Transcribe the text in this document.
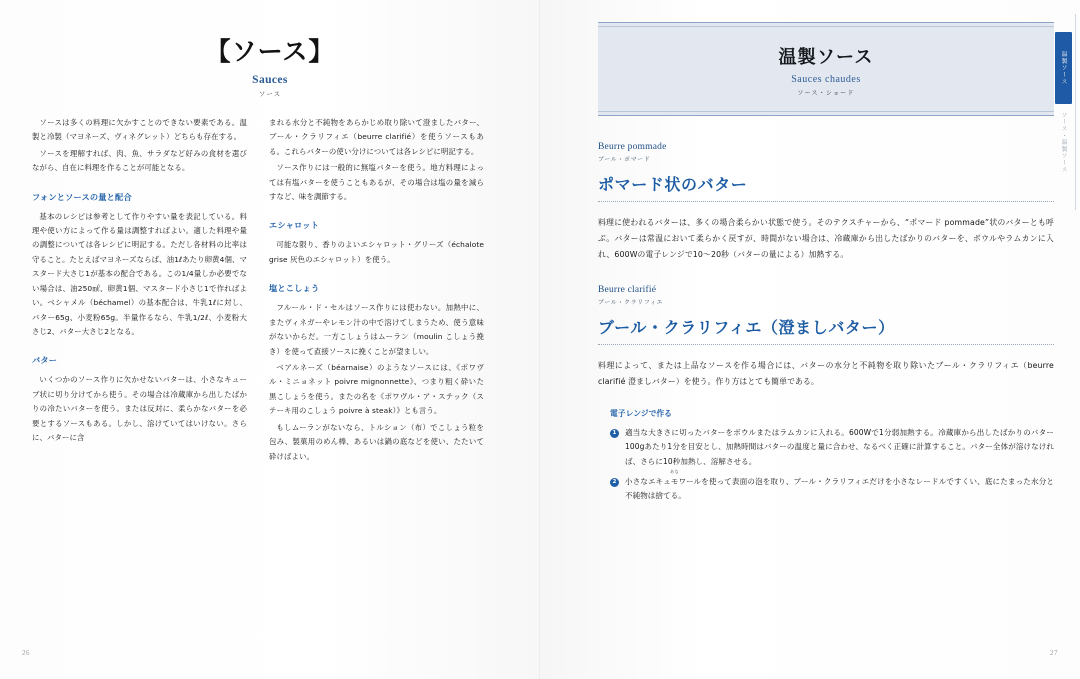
【ソース】
Sauces
ソース

ソースは多くの料理に欠かすことのできない要素である。温製と冷製（マヨネーズ、ヴィネグレット）どちらも存在する。

ソースを理解すれば、肉、魚、サラダなど好みの食材を選びながら、自在に料理を作ることが可能となる。

フォンとソースの量と配合

基本のレシピは参考として作りやすい量を表記している。料理や使い方によって作る量は調整すればよい。適した料理や量の調整については各レシピに明記する。ただし各材料の比率は守ること。たとえばマヨネーズならば、油1ℓあたり卵黄4個、マスタード大さじ1が基本の配合である。この1/4量しか必要でない場合は、油250㎖、卵黄1個、マスタード小さじ1で作ればよい。ベシャメル（béchamel）の基本配合は、牛乳1ℓに対し、バター65g、小麦粉65g。半量作るなら、牛乳1/2ℓ、小麦粉大さじ2、バター大さじ2となる。

バター

いくつかのソース作りに欠かせないバターは、小さなキューブ状に切り分けてから使う。その場合は冷蔵庫から出したばかりの冷たいバターを使う。または反対に、柔らかなバターを必要とするソースもある。しかし、溶けていてはいけない。さらに、バターに含

まれる水分と不純物をあらかじめ取り除いて澄ましたバター、ブール・クラリフィエ（beurre clarifié）を使うソースもある。これらバターの使い分けについては各レシピに明記する。

ソース作りには一般的に無塩バターを使う。地方料理によっては有塩バターを使うこともあるが、その場合は塩の量を減らすなど、味を調節する。

エシャロット

可能な限り、香りのよいエシャロット・グリーズ（échalote grise 灰色のエシャロット）を使う。

塩とこしょう

フルール・ド・セルはソース作りには使わない。加熱中に、またヴィネガーやレモン汁の中で溶けてしまうため、使う意味がないからだ。一方こしょうはムーラン（moulin こしょう挽き）を使って直接ソースに挽くことが望ましい。

ベアルネーズ（béarnaise）のようなソースには、《ポワヴル・ミニョネット poivre mignonnette》、つまり粗く砕いた黒こしょうを使う。またの名を《ポワヴル・ア・ステック（ステーキ用のこしょう poivre à steak）》とも言う。

もしムーランがないなら、トルション（布）でこしょう粒を包み、製菓用のめん棒、あるいは鍋の底などを使い、たたいて砕けばよい。

26
温製ソース
Sauces chaudes
ソース・ショード
Beurre pommade
ブール・ポマード
ポマード状のバター

料理に使われるバターは、多くの場合柔らかい状態で使う。そのテクスチャーから、“ポマード pommade”状のバターとも呼ぶ。バターは常温において柔らかく戻すが、時間がない場合は、冷蔵庫から出したばかりのバターを、ボウルやラムカンに入れ、600Wの電子レンジで10〜20秒（バターの量による）加熱する。

Beurre clarifié
ブール・クラリフィエ
ブール・クラリフィエ（澄ましバター）

料理によって、または上品なソースを作る場合には、バターの水分と不純物を取り除いたブール・クラリフィエ（beurre clarifié 澄ましバター）を使う。作り方はとても簡単である。

電子レンジで作る
1	適当な大きさに切ったバターをボウルまたはラムカンに入れる。600Wで1分弱加熱する。冷蔵庫から出したばかりのバター100gあたり1分を目安とし、加熱時間はバターの温度と量に合わせ、なるべく正確に計算すること。バター全体が溶けなければ、さらに10秒加熱し、溶解させる。
2	小さな
あな
エキュモワールを使って表面の泡を取り、ブール・クラリフィエだけを小さなレードルですくい、底にたまった水分と不純物は捨てる。
温製ソース
ソース・温製ソース
27
